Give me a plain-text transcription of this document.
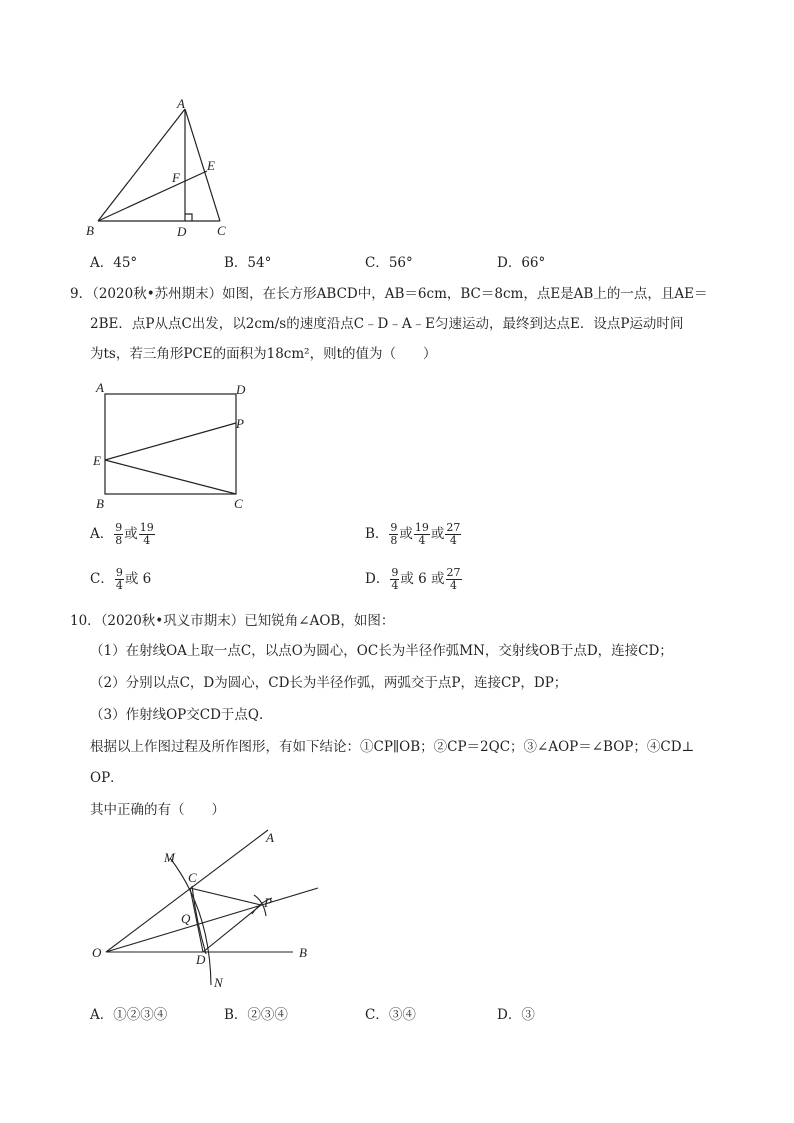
A
B	C
D
E
F
A．45°	B．54°	C．56°	D．66°
9．（2020秋•苏州期末）如图，在长方形ABCD中，AB＝6cm，BC＝8cm，点E是AB上的一点，且AE＝
2BE．点P从点C出发，以2cm/s的速度沿点C﹣D﹣A﹣E匀速运动，最终到达点E．设点P运动时间
为ts，若三角形PCE的面积为18cm²，则t的值为（　　）
A	D
P
E
B	C
A． $\frac{9}{8}$ 或 $\frac{19}{4}$	B． $\frac{9}{8}$ 或 $\frac{19}{4}$ 或 $\frac{27}{4}$
C． $\frac{9}{4}$ 或 6	D． $\frac{9}{4}$ 或 6 或 $\frac{27}{4}$
10．（2020秋•巩义市期末）已知锐角∠AOB，如图：
（1）在射线OA上取一点C，以点O为圆心，OC长为半径作弧MN，交射线OB于点D，连接CD；
（2）分别以点C，D为圆心，CD长为半径作弧，两弧交于点P，连接CP，DP；
（3）作射线OP交CD于点Q．
根据以上作图过程及所作图形，有如下结论：①CP∥OB；②CP＝2QC；③∠AOP＝∠BOP；④CD⊥
OP．
其中正确的有（　　）
A
M
C
P
Q
O	D	B
N
A．①②③④	B．②③④	C．③④	D．③
